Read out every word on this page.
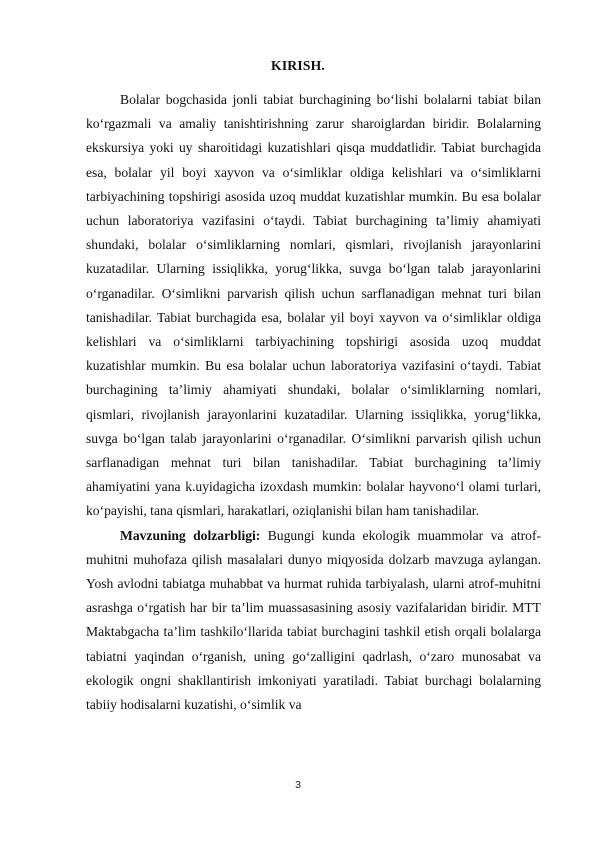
KIRISH.

Bolalar bogchasida jonli tabiat burchagining bo‘lishi bolalarni tabiat bilan ko‘rgazmali va amaliy tanishtirishning zarur sharoiglardan biridir. Bolalarning ekskursiya yoki uy sharoitidagi kuzatishlari qisqa muddatlidir. Tabiat burchagida esa, bolalar yil boyi xayvon va o‘simliklar oldiga kelishlari va o‘simliklarni tarbiyachining topshirigi asosida uzoq muddat kuzatishlar mumkin. Bu esa bolalar uchun laboratoriya vazifasini o‘taydi. Tabiat burchagining ta’limiy ahamiyati shundaki, bolalar o‘simliklarning nomlari, qismlari, rivojlanish jarayonlarini kuzatadilar. Ularning issiqlikka, yorug‘likka, suvga bo‘lgan talab jarayonlarini o‘rganadilar. O‘simlikni parvarish qilish uchun sarflanadigan mehnat turi bilan tanishadilar. Tabiat burchagida esa, bolalar yil boyi xayvon va o‘simliklar oldiga kelishlari va o‘simliklarni tarbiyachining topshirigi asosida uzoq muddat kuzatishlar mumkin. Bu esa bolalar uchun laboratoriya vazifasini o‘taydi. Tabiat burchagining ta’limiy ahamiyati shundaki, bolalar o‘simliklarning nomlari, qismlari, rivojlanish jarayonlarini kuzatadilar. Ularning issiqlikka, yorug‘likka, suvga bo‘lgan talab jarayonlarini o‘rganadilar. O‘simlikni parvarish qilish uchun sarflanadigan mehnat turi bilan tanishadilar. Tabiat burchagining ta’limiy ahamiyatini yana k.uyidagicha izoxdash mumkin: bolalar hayvono‘l olami turlari, ko‘payishi, tana qismlari, harakatlari, oziqlanishi bilan ham tanishadilar.

Mavzuning dolzarbligi: Bugungi kunda ekologik muammolar va atrof-muhitni muhofaza qilish masalalari dunyo miqyosida dolzarb mavzuga aylangan. Yosh avlodni tabiatga muhabbat va hurmat ruhida tarbiyalash, ularni atrof-muhitni asrashga o‘rgatish har bir ta’lim muassasasining asosiy vazifalaridan biridir. MTT Maktabgacha ta’lim tashkilo‘llarida tabiat burchagini tashkil etish orqali bolalarga tabiatni yaqindan o‘rganish, uning go‘zalligini qadrlash, o‘zaro munosabat va ekologik ongni shakllantirish imkoniyati yaratiladi. Tabiat burchagi bolalarning tabiiy hodisalarni kuzatishi, o‘simlik va

3
